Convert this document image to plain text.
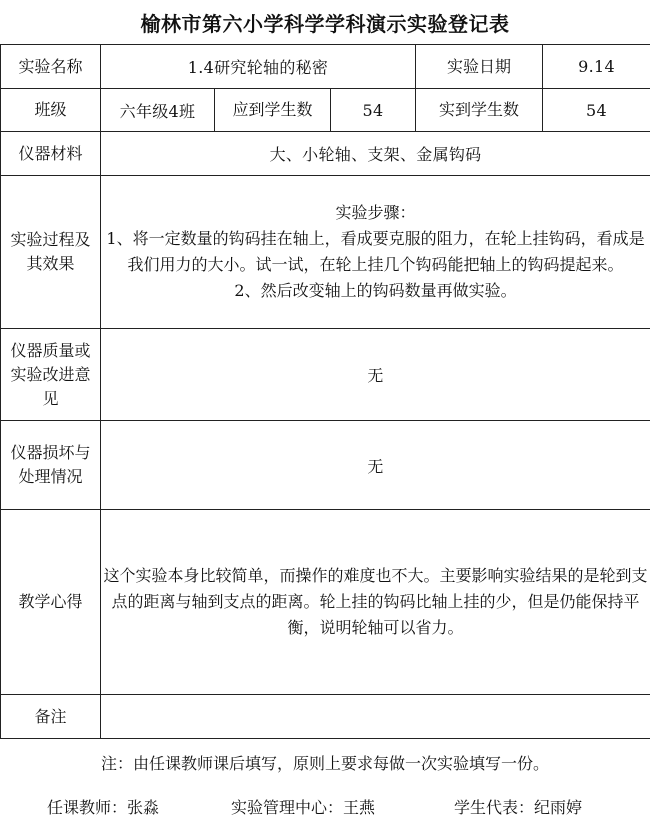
榆林市第六小学科学学科演示实验登记表
实验名称	1.4研究轮轴的秘密			实验日期	9.14
班级	六年级4班	应到学生数	54	实到学生数	54
仪器材料	大、小轮轴、支架、金属钩码				
实验过程及其效果	实验步骤：
1、将一定数量的钩码挂在轴上，看成要克服的阻力，在轮上挂钩码，看成是我们用力的大小。试一试，在轮上挂几个钩码能把轴上的钩码提起来。
2、然后改变轴上的钩码数量再做实验。				

仪器质量或实验改进意见	无				
仪器损坏与处理情况	无				
教学心得	这个实验本身比较简单，而操作的难度也不大。主要影响实验结果的是轮到支点的距离与轴到支点的距离。轮上挂的钩码比轴上挂的少，但是仍能保持平衡，说明轮轴可以省力。				
备注					
注：由任课教师课后填写，原则上要求每做一次实验填写一份。
任课教师：张淼	实验管理中心：王燕	学生代表：纪雨婷
